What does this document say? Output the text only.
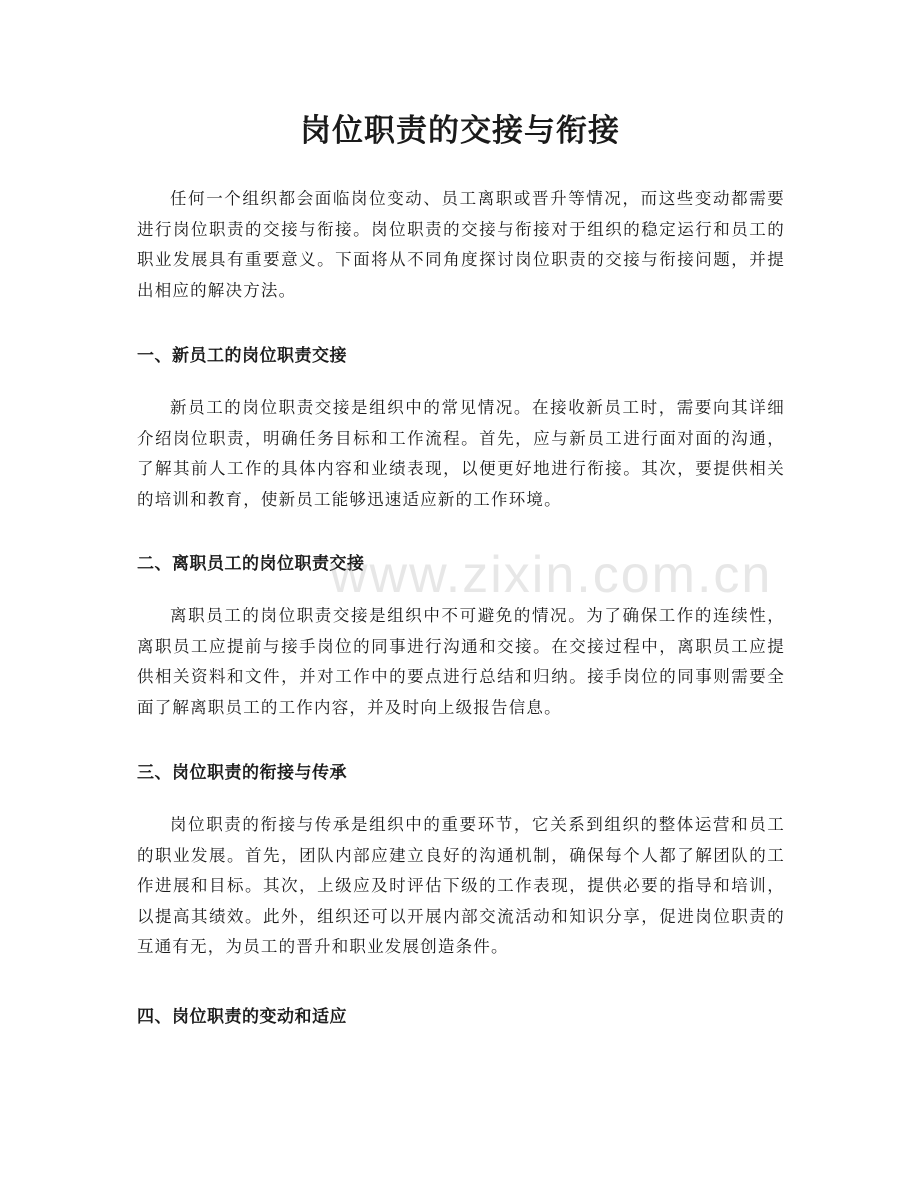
岗位职责的交接与衔接

任何一个组织都会面临岗位变动、员工离职或晋升等情况，而这些变动都需要进行岗位职责的交接与衔接。岗位职责的交接与衔接对于组织的稳定运行和员工的职业发展具有重要意义。下面将从不同角度探讨岗位职责的交接与衔接问题，并提出相应的解决方法。

一、新员工的岗位职责交接

新员工的岗位职责交接是组织中的常见情况。在接收新员工时，需要向其详细介绍岗位职责，明确任务目标和工作流程。首先，应与新员工进行面对面的沟通，了解其前人工作的具体内容和业绩表现，以便更好地进行衔接。其次，要提供相关的培训和教育，使新员工能够迅速适应新的工作环境。

二、离职员工的岗位职责交接

离职员工的岗位职责交接是组织中不可避免的情况。为了确保工作的连续性，离职员工应提前与接手岗位的同事进行沟通和交接。在交接过程中，离职员工应提供相关资料和文件，并对工作中的要点进行总结和归纳。接手岗位的同事则需要全面了解离职员工的工作内容，并及时向上级报告信息。

三、岗位职责的衔接与传承

岗位职责的衔接与传承是组织中的重要环节，它关系到组织的整体运营和员工的职业发展。首先，团队内部应建立良好的沟通机制，确保每个人都了解团队的工作进展和目标。其次，上级应及时评估下级的工作表现，提供必要的指导和培训，以提高其绩效。此外，组织还可以开展内部交流活动和知识分享，促进岗位职责的互通有无，为员工的晋升和职业发展创造条件。

四、岗位职责的变动和适应
www.zixin.com.cn
